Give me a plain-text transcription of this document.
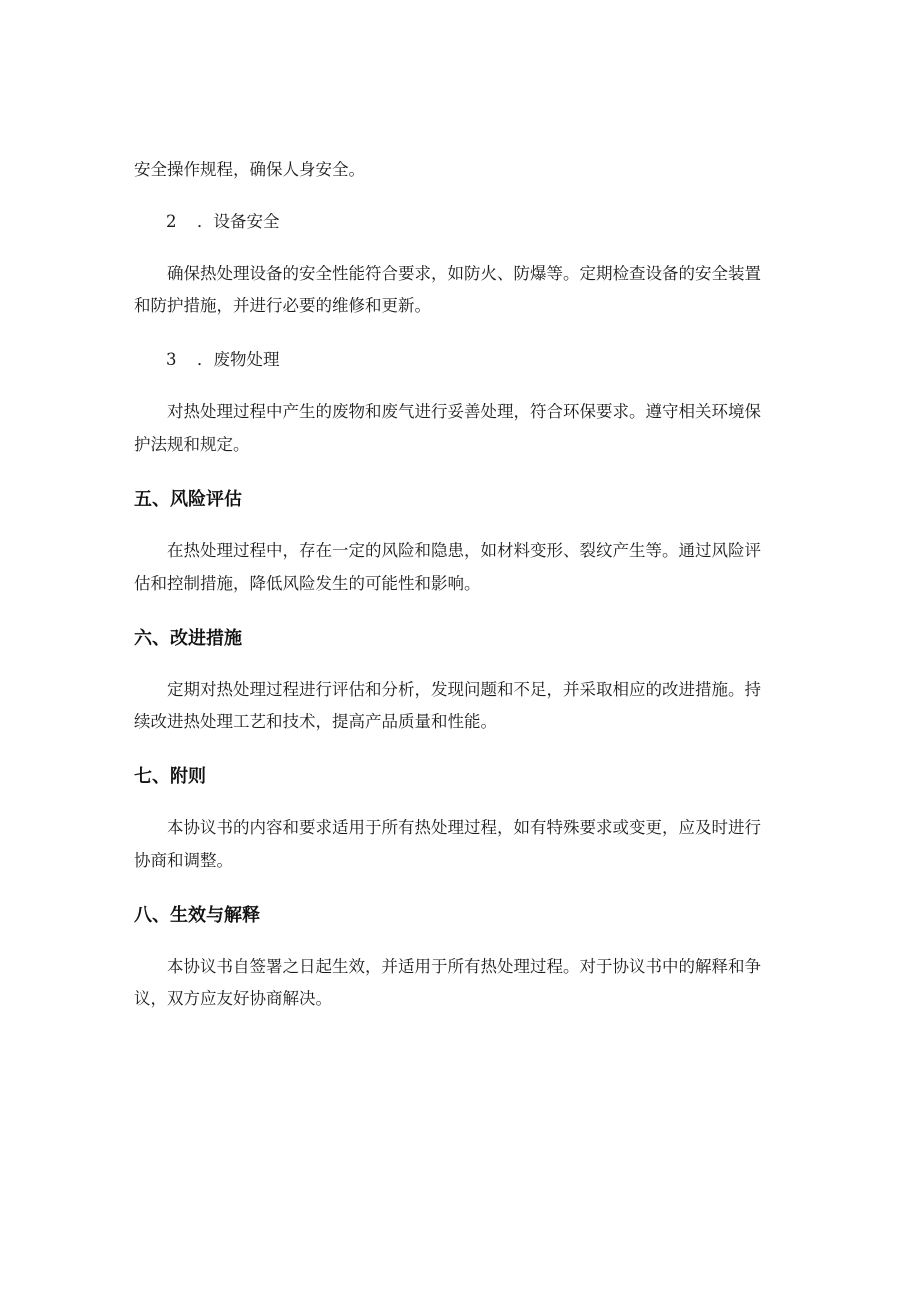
安全操作规程，确保人身安全。
2 ．设备安全
确保热处理设备的安全性能符合要求，如防火、防爆等。定期检查设备的安全装置
和防护措施，并进行必要的维修和更新。
3 ．废物处理
对热处理过程中产生的废物和废气进行妥善处理，符合环保要求。遵守相关环境保
护法规和规定。
五、风险评估
在热处理过程中，存在一定的风险和隐患，如材料变形、裂纹产生等。通过风险评
估和控制措施，降低风险发生的可能性和影响。
六、改进措施
定期对热处理过程进行评估和分析，发现问题和不足，并采取相应的改进措施。持
续改进热处理工艺和技术，提高产品质量和性能。
七、附则
本协议书的内容和要求适用于所有热处理过程，如有特殊要求或变更，应及时进行
协商和调整。
八、生效与解释
本协议书自签署之日起生效，并适用于所有热处理过程。对于协议书中的解释和争
议，双方应友好协商解决。
